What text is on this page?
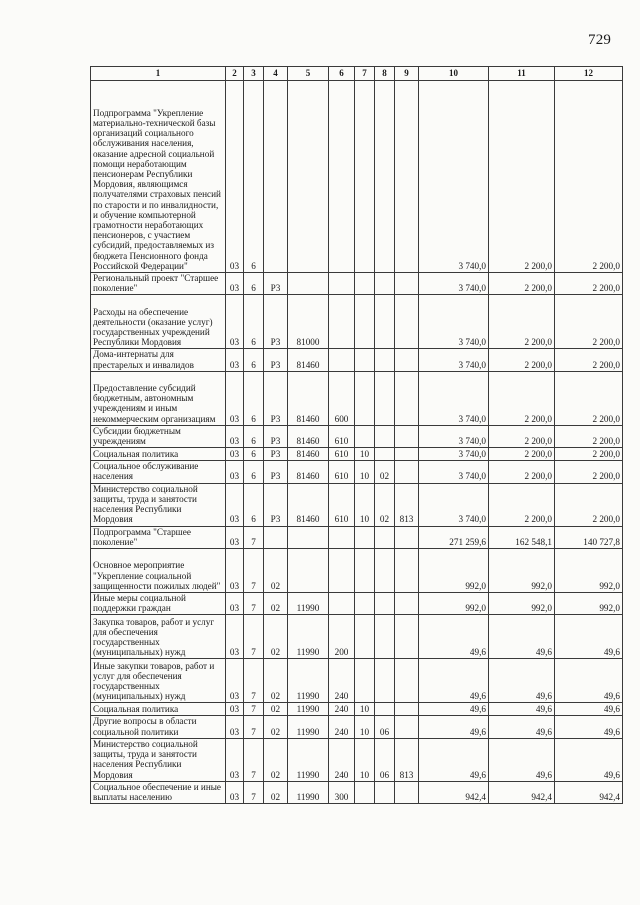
729
1	2	3	4	5	6	7	8	9	10	11	12
Подпрограмма "Укрепление материально-технической базы организаций социального обслуживания населения, оказание адресной социальной помощи неработающим пенсионерам Республики Мордовия, являющимся получателями страховых пенсий по старости и по инвалидности, и обучение компьютерной грамотности неработающих пенсионеров, с участием субсидий, предоставляемых из бюджета Пенсионного фонда Российской Федерации"	03	6							3 740,0	2 200,0	2 200,0
Региональный проект "Старшее поколение"	03	6	P3						3 740,0	2 200,0	2 200,0
Расходы на обеспечение деятельности (оказание услуг) государственных учреждений Республики Мордовия	03	6	P3	81000					3 740,0	2 200,0	2 200,0
Дома-интернаты для престарелых и инвалидов	03	6	P3	81460					3 740,0	2 200,0	2 200,0
Предоставление субсидий бюджетным, автономным учреждениям и иным некоммерческим организациям	03	6	P3	81460	600				3 740,0	2 200,0	2 200,0
Субсидии бюджетным учреждениям	03	6	P3	81460	610				3 740,0	2 200,0	2 200,0
Социальная политика	03	6	P3	81460	610	10			3 740,0	2 200,0	2 200,0
Социальное обслуживание населения	03	6	P3	81460	610	10	02		3 740,0	2 200,0	2 200,0
Министерство социальной защиты, труда и занятости населения Республики Мордовия	03	6	P3	81460	610	10	02	813	3 740,0	2 200,0	2 200,0
Подпрограмма "Старшее поколение"	03	7							271 259,6	162 548,1	140 727,8
Основное мероприятие "Укрепление социальной защищенности пожилых людей"	03	7	02						992,0	992,0	992,0
Иные меры социальной поддержки граждан	03	7	02	11990					992,0	992,0	992,0
Закупка товаров, работ и услуг для обеспечения государственных (муниципальных) нужд	03	7	02	11990	200				49,6	49,6	49,6
Иные закупки товаров, работ и услуг для обеспечения государственных (муниципальных) нужд	03	7	02	11990	240				49,6	49,6	49,6
Социальная политика	03	7	02	11990	240	10			49,6	49,6	49,6
Другие вопросы в области социальной политики	03	7	02	11990	240	10	06		49,6	49,6	49,6
Министерство социальной защиты, труда и занятости населения Республики Мордовия	03	7	02	11990	240	10	06	813	49,6	49,6	49,6
Социальное обеспечение и иные выплаты населению	03	7	02	11990	300				942,4	942,4	942,4
